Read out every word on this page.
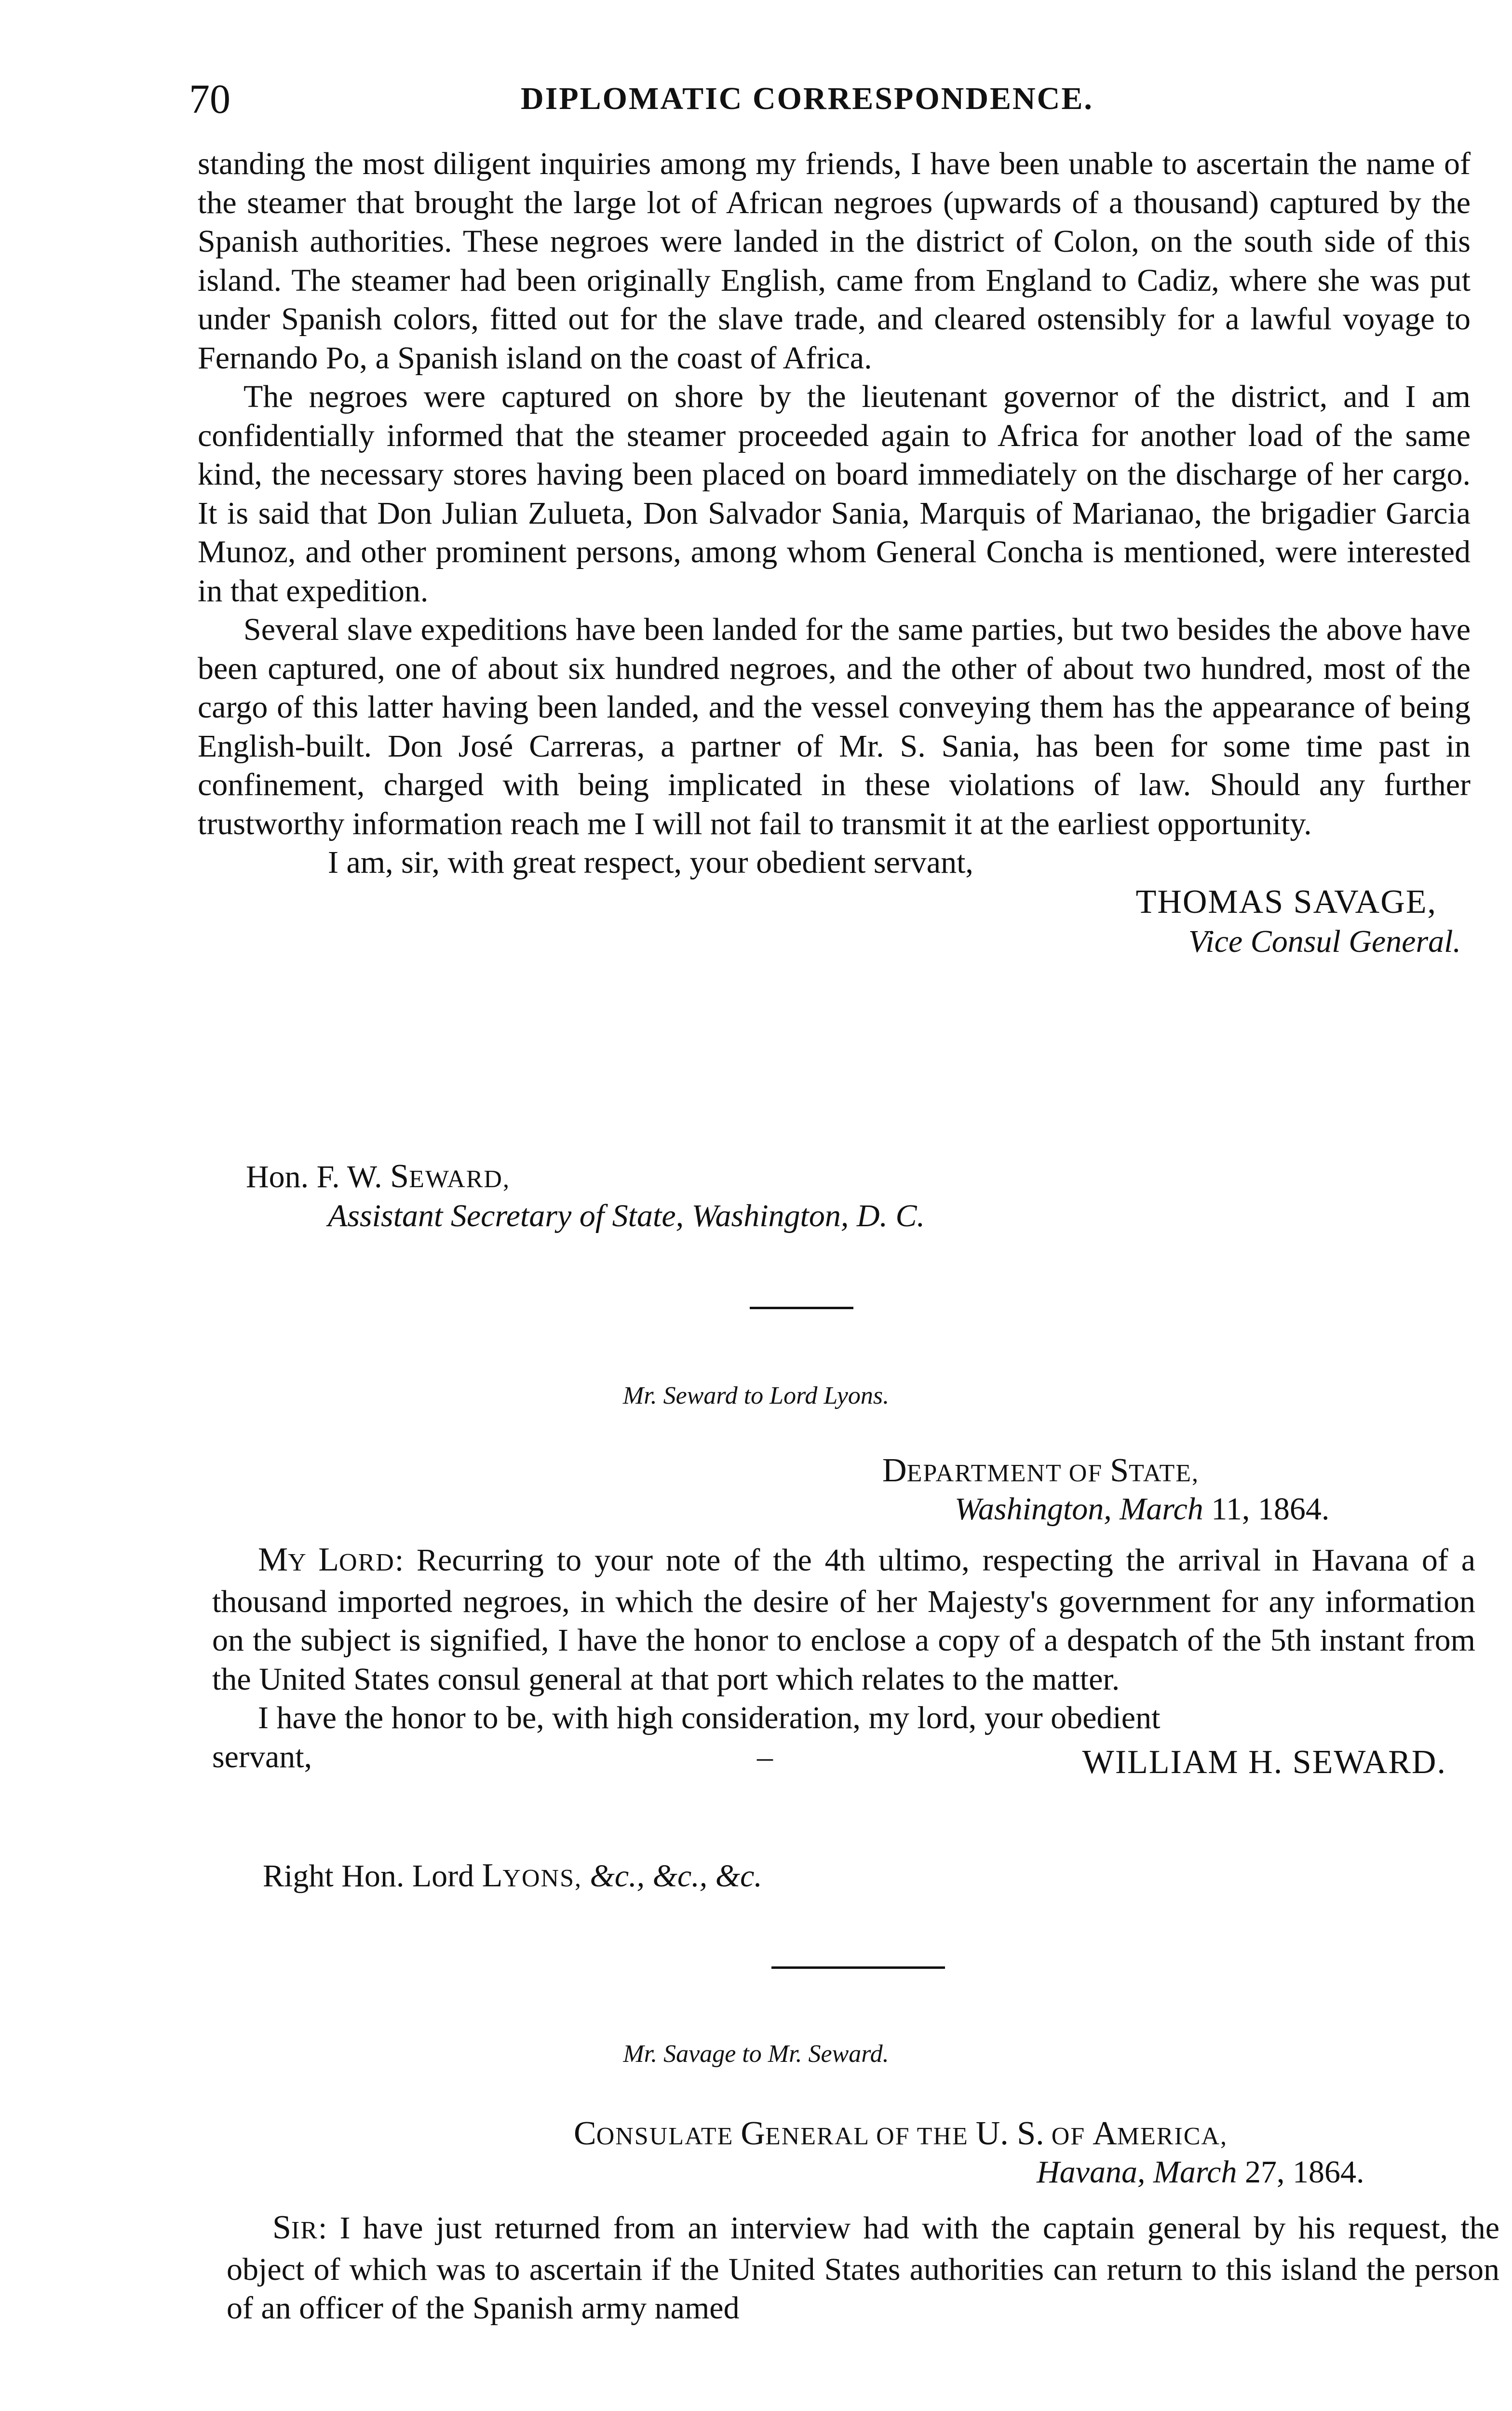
70	DIPLOMATIC CORRESPONDENCE.

standing the most diligent inquiries among my friends, I have been unable to ascertain the name of the steamer that brought the large lot of African negroes (upwards of a thousand) captured by the Spanish authorities. These negroes were landed in the district of Colon, on the south side of this island. The steamer had been originally English, came from England to Cadiz, where she was put under Spanish colors, fitted out for the slave trade, and cleared ostensibly for a lawful voyage to Fernando Po, a Spanish island on the coast of Africa.

The negroes were captured on shore by the lieutenant governor of the district, and I am confidentially informed that the steamer proceeded again to Africa for another load of the same kind, the necessary stores having been placed on board immediately on the discharge of her cargo. It is said that Don Julian Zulueta, Don Salvador Sania, Marquis of Marianao, the brigadier Garcia Munoz, and other prominent persons, among whom General Concha is mentioned, were interested in that expedition.

Several slave expeditions have been landed for the same parties, but two besides the above have been captured, one of about six hundred negroes, and the other of about two hundred, most of the cargo of this latter having been landed, and the vessel conveying them has the appearance of being English-built. Don José Carreras, a partner of Mr. S. Sania, has been for some time past in confinement, charged with being implicated in these violations of law. Should any further trustworthy information reach me I will not fail to transmit it at the earliest opportunity.

I am, sir, with great respect, your obedient servant,

THOMAS SAVAGE,
Vice Consul General.
Hon. F. W. SEWARD,
Assistant Secretary of State, Washington, D. C.
Mr. Seward to Lord Lyons.
DEPARTMENT OF STATE,
Washington, March 11, 1864.

MY LORD: Recurring to your note of the 4th ultimo, respecting the arrival in Havana of a thousand imported negroes, in which the desire of her Majesty's government for any information on the subject is signified, I have the honor to enclose a copy of a despatch of the 5th instant from the United States consul general at that port which relates to the matter.

I have the honor to be, with high consideration, my lord, your obedient

servant,	–	WILLIAM H. SEWARD.
Right Hon. Lord LYONS, &c., &c., &c.
Mr. Savage to Mr. Seward.
CONSULATE GENERAL OF THE U. S. OF AMERICA,
Havana, March 27, 1864.

SIR: I have just returned from an interview had with the captain general by his request, the object of which was to ascertain if the United States authorities can return to this island the person of an officer of the Spanish army named
